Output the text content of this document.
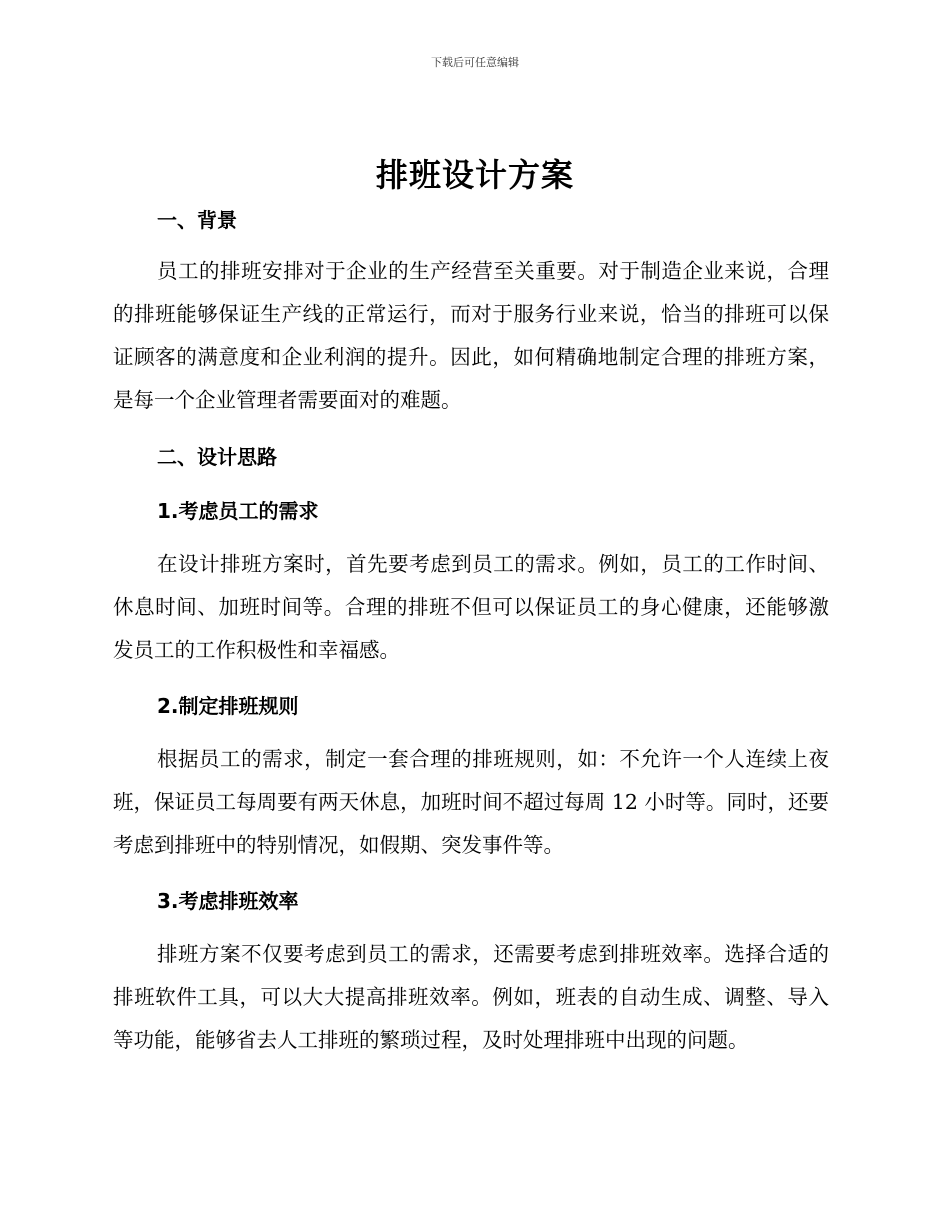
下载后可任意编辑
排班设计方案
一、背景

员工的排班安排对于企业的生产经营至关重要。对于制造企业来说，合理的排班能够保证生产线的正常运行，而对于服务行业来说，恰当的排班可以保证顾客的满意度和企业利润的提升。因此，如何精确地制定合理的排班方案，是每一个企业管理者需要面对的难题。

二、设计思路
1.考虑员工的需求

在设计排班方案时，首先要考虑到员工的需求。例如，员工的工作时间、休息时间、加班时间等。合理的排班不但可以保证员工的身心健康，还能够激发员工的工作积极性和幸福感。

2.制定排班规则

根据员工的需求，制定一套合理的排班规则，如：不允许一个人连续上夜班，保证员工每周要有两天休息，加班时间不超过每周 12 小时等。同时，还要考虑到排班中的特别情况，如假期、突发事件等。

3.考虑排班效率

排班方案不仅要考虑到员工的需求，还需要考虑到排班效率。选择合适的排班软件工具，可以大大提高排班效率。例如，班表的自动生成、调整、导入等功能，能够省去人工排班的繁琐过程，及时处理排班中出现的问题。
